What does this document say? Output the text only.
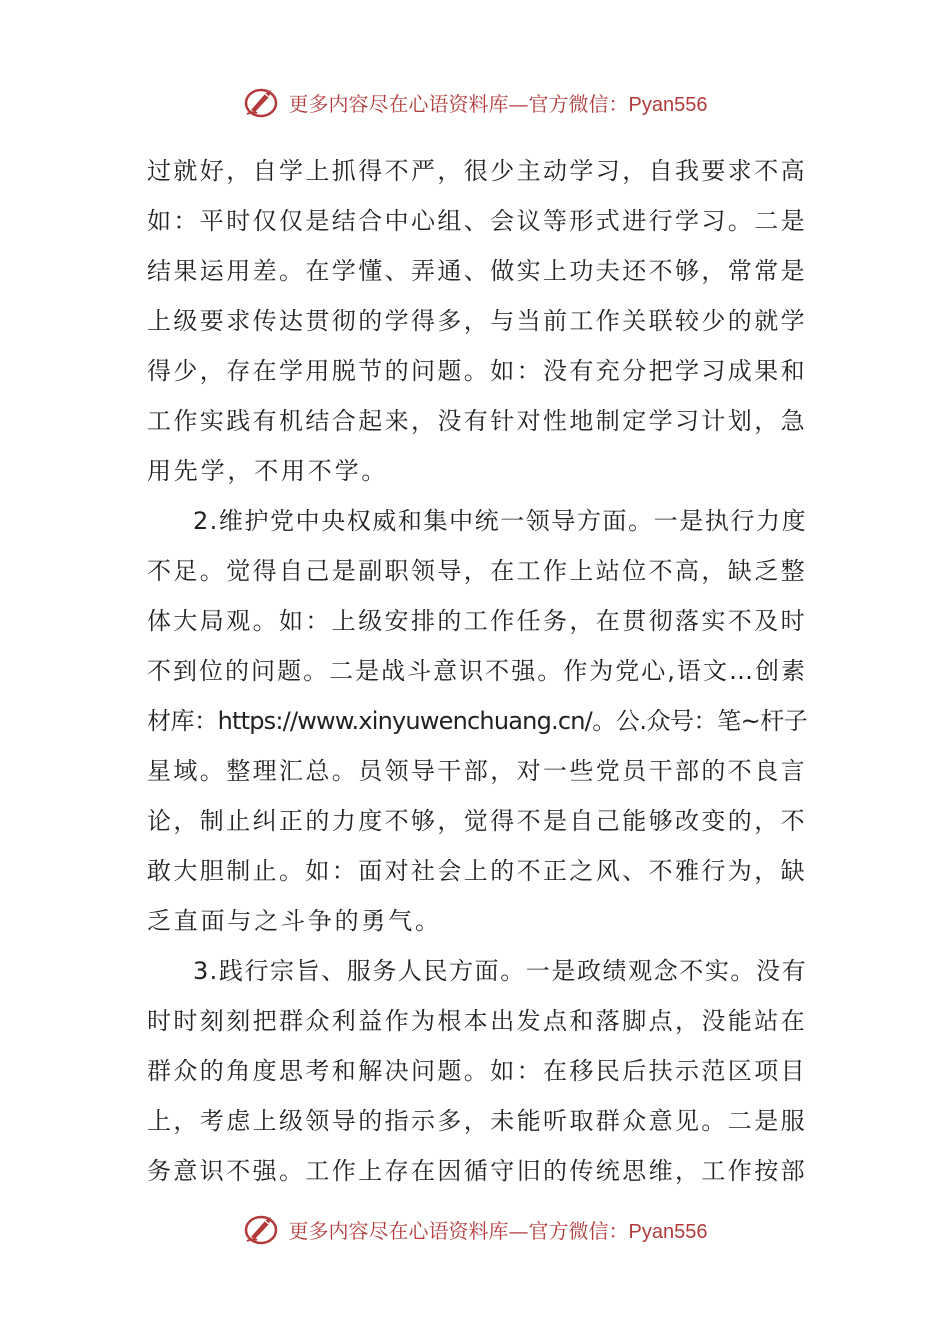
更多内容尽在心语资料库—官方微信：Pyan556
过就好，自学上抓得不严，很少主动学习，自我要求不高
如：平时仅仅是结合中心组、会议等形式进行学习。二是
结果运用差。在学懂、弄通、做实上功夫还不够，常常是
上级要求传达贯彻的学得多，与当前工作关联较少的就学
得少，存在学用脱节的问题。如：没有充分把学习成果和
工作实践有机结合起来，没有针对性地制定学习计划，急
用先学，不用不学。
2.维护党中央权威和集中统一领导方面。一是执行力度
不足。觉得自己是副职领导，在工作上站位不高，缺乏整
体大局观。如：上级安排的工作任务，在贯彻落实不及时
不到位的问题。二是战斗意识不强。作为党心,语文…创素
材库：https://www.xinyuwenchuang.cn/。公.众号：笔~杆子
星域。整理汇总。员领导干部，对一些党员干部的不良言
论，制止纠正的力度不够，觉得不是自己能够改变的，不
敢大胆制止。如：面对社会上的不正之风、不雅行为，缺
乏直面与之斗争的勇气。
3.践行宗旨、服务人民方面。一是政绩观念不实。没有
时时刻刻把群众利益作为根本出发点和落脚点，没能站在
群众的角度思考和解决问题。如：在移民后扶示范区项目
上，考虑上级领导的指示多，未能听取群众意见。二是服
务意识不强。工作上存在因循守旧的传统思维，工作按部
更多内容尽在心语资料库—官方微信：Pyan556
